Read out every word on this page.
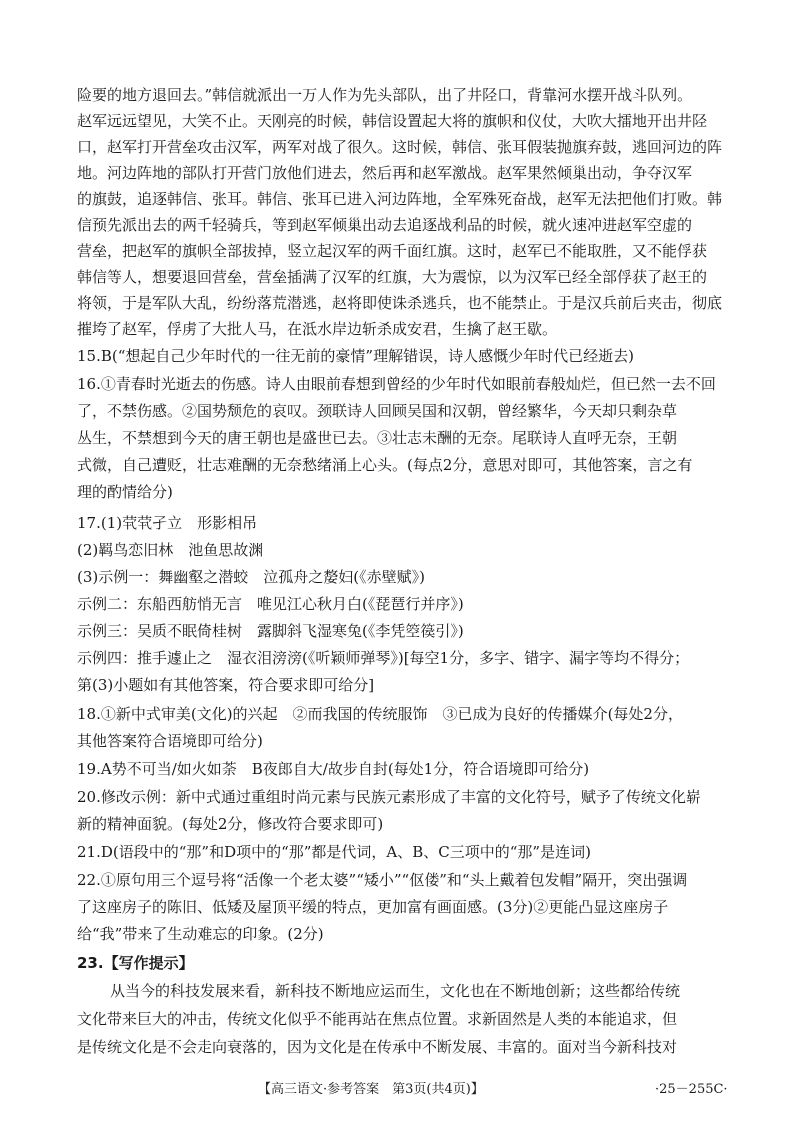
险要的地方退回去。”韩信就派出一万人作为先头部队，出了井陉口，背靠河水摆开战斗队列。
赵军远远望见，大笑不止。天刚亮的时候，韩信设置起大将的旗帜和仪仗，大吹大擂地开出井陉
口，赵军打开营垒攻击汉军，两军对战了很久。这时候，韩信、张耳假装抛旗弃鼓，逃回河边的阵
地。河边阵地的部队打开营门放他们进去，然后再和赵军激战。赵军果然倾巢出动，争夺汉军
的旗鼓，追逐韩信、张耳。韩信、张耳已进入河边阵地，全军殊死奋战，赵军无法把他们打败。韩
信预先派出去的两千轻骑兵，等到赵军倾巢出动去追逐战利品的时候，就火速冲进赵军空虚的
营垒，把赵军的旗帜全部拔掉，竖立起汉军的两千面红旗。这时，赵军已不能取胜，又不能俘获
韩信等人，想要退回营垒，营垒插满了汉军的红旗，大为震惊，以为汉军已经全部俘获了赵王的
将领，于是军队大乱，纷纷落荒潜逃，赵将即使诛杀逃兵，也不能禁止。于是汉兵前后夹击，彻底
摧垮了赵军，俘虏了大批人马，在泜水岸边斩杀成安君，生擒了赵王歇。
15.B(“想起自己少年时代的一往无前的豪情”理解错误，诗人感慨少年时代已经逝去)
16.①青春时光逝去的伤感。诗人由眼前春想到曾经的少年时代如眼前春般灿烂，但已然一去不回
了，不禁伤感。②国势颓危的哀叹。颈联诗人回顾吴国和汉朝，曾经繁华，今天却只剩杂草
丛生，不禁想到今天的唐王朝也是盛世已去。③壮志未酬的无奈。尾联诗人直呼无奈，王朝
式微，自己遭贬，壮志难酬的无奈愁绪涌上心头。(每点2分，意思对即可，其他答案，言之有
理的酌情给分)
17.(1)茕茕孑立　形影相吊
(2)羁鸟恋旧林　池鱼思故渊
(3)示例一：舞幽壑之潜蛟　泣孤舟之嫠妇(《赤壁赋》)
示例二：东船西舫悄无言　唯见江心秋月白(《琵琶行并序》)
示例三：吴质不眠倚桂树　露脚斜飞湿寒兔(《李凭箜篌引》)
示例四：推手遽止之　湿衣泪滂滂(《听颖师弹琴》)[每空1分，多字、错字、漏字等均不得分；
第(3)小题如有其他答案，符合要求即可给分]
18.①新中式审美(文化)的兴起　②而我国的传统服饰　③已成为良好的传播媒介(每处2分，
其他答案符合语境即可给分)
19.A势不可当/如火如荼　B夜郎自大/故步自封(每处1分，符合语境即可给分)
20.修改示例：新中式通过重组时尚元素与民族元素形成了丰富的文化符号，赋予了传统文化崭
新的精神面貌。(每处2分，修改符合要求即可)
21.D(语段中的“那”和D项中的“那”都是代词，A、B、C三项中的“那”是连词)
22.①原句用三个逗号将“活像一个老太婆”“矮小”“伛偻”和“头上戴着包发帽”隔开，突出强调
了这座房子的陈旧、低矮及屋顶平缓的特点，更加富有画面感。(3分)②更能凸显这座房子
给“我”带来了生动难忘的印象。(2分)
23.【写作提示】
从当今的科技发展来看，新科技不断地应运而生，文化也在不断地创新；这些都给传统
文化带来巨大的冲击，传统文化似乎不能再站在焦点位置。求新固然是人类的本能追求，但
是传统文化是不会走向衰落的，因为文化是在传承中不断发展、丰富的。面对当今新科技对
【高三语文·参考答案　第3页(共4页)】	·25－255C·
